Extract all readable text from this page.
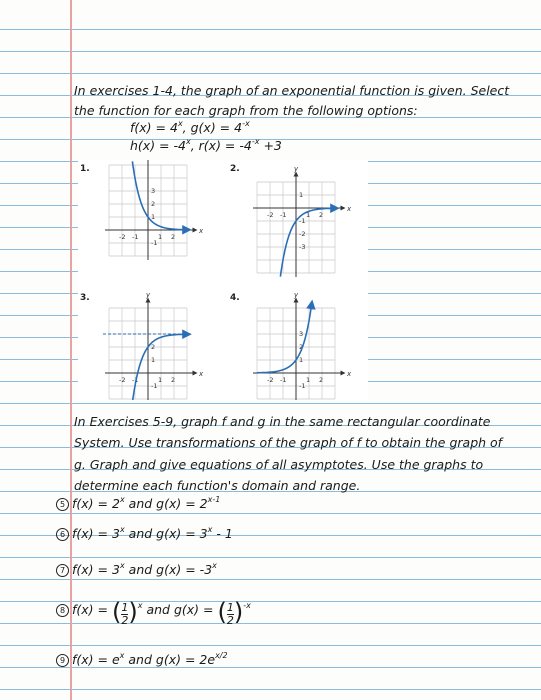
In exercises 1-4, the graph of an exponential function is given. Select
the function for each graph from the following options:
$f(x) = 4^x$, $g(x) = 4^{-x}$
$h(x) = -4^x$, $r(x) = -4^{-x} +3$
x
-2 -1	1 2
3
2
1
-1
x
y
-2 -1	1 2
1
-1
-2
-3
x
y
-2 -1	1 2
2
1
-1
x
y
-2 -1	1 2
3
2
1
-1
1.	2.
3.	4.
In Exercises 5-9, graph f and g in the same rectangular coordinate
System. Use transformations of the graph of f to obtain the graph of
g. Graph and give equations of all asymptotes. Use the graphs to
determine each function's domain and range.
5 $f(x) = 2^x$ and $g(x) = 2^{x-1}$
6 $f(x) = 3^x$ and $g(x) = 3^x - 1$
7 $f(x) = 3^x$ and $g(x) = -3^x$
8 f(x) = ( $\frac{1}{2} )^x$ and g(x) = ( $\frac{1}{2} )^{-x}$
9 $f(x) = e^x$ and $g(x) = 2e^{x/2}$
